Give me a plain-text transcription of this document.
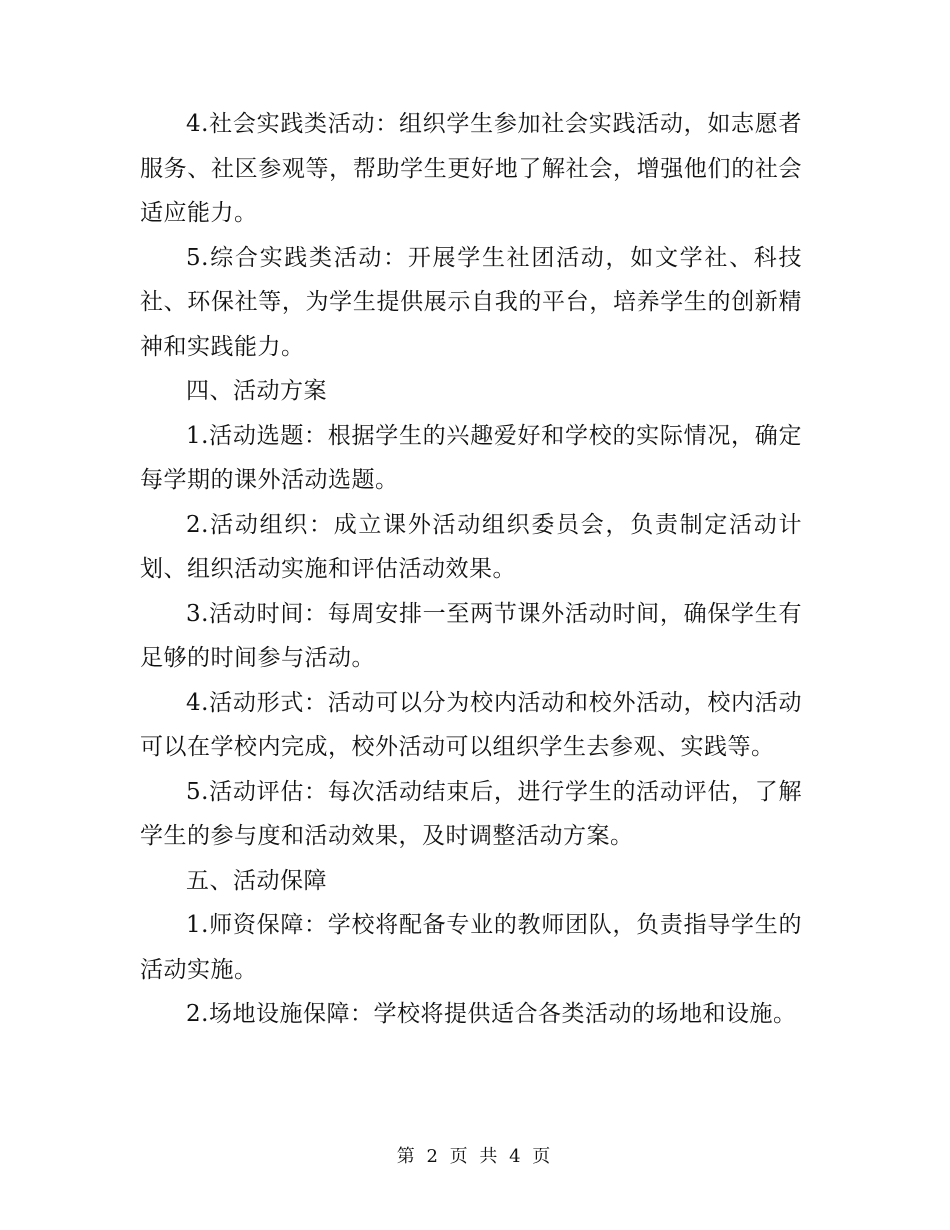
4.社会实践类活动：组织学生参加社会实践活动，如志愿者服务、社区参观等，帮助学生更好地了解社会，增强他们的社会适应能力。

5.综合实践类活动：开展学生社团活动，如文学社、科技社、环保社等，为学生提供展示自我的平台，培养学生的创新精神和实践能力。

四、活动方案

1.活动选题：根据学生的兴趣爱好和学校的实际情况，确定每学期的课外活动选题。

2.活动组织：成立课外活动组织委员会，负责制定活动计划、组织活动实施和评估活动效果。

3.活动时间：每周安排一至两节课外活动时间，确保学生有足够的时间参与活动。

4.活动形式：活动可以分为校内活动和校外活动，校内活动可以在学校内完成，校外活动可以组织学生去参观、实践等。

5.活动评估：每次活动结束后，进行学生的活动评估，了解学生的参与度和活动效果，及时调整活动方案。

五、活动保障

1.师资保障：学校将配备专业的教师团队，负责指导学生的活动实施。

2.场地设施保障：学校将提供适合各类活动的场地和设施。

第 2 页 共 4 页
